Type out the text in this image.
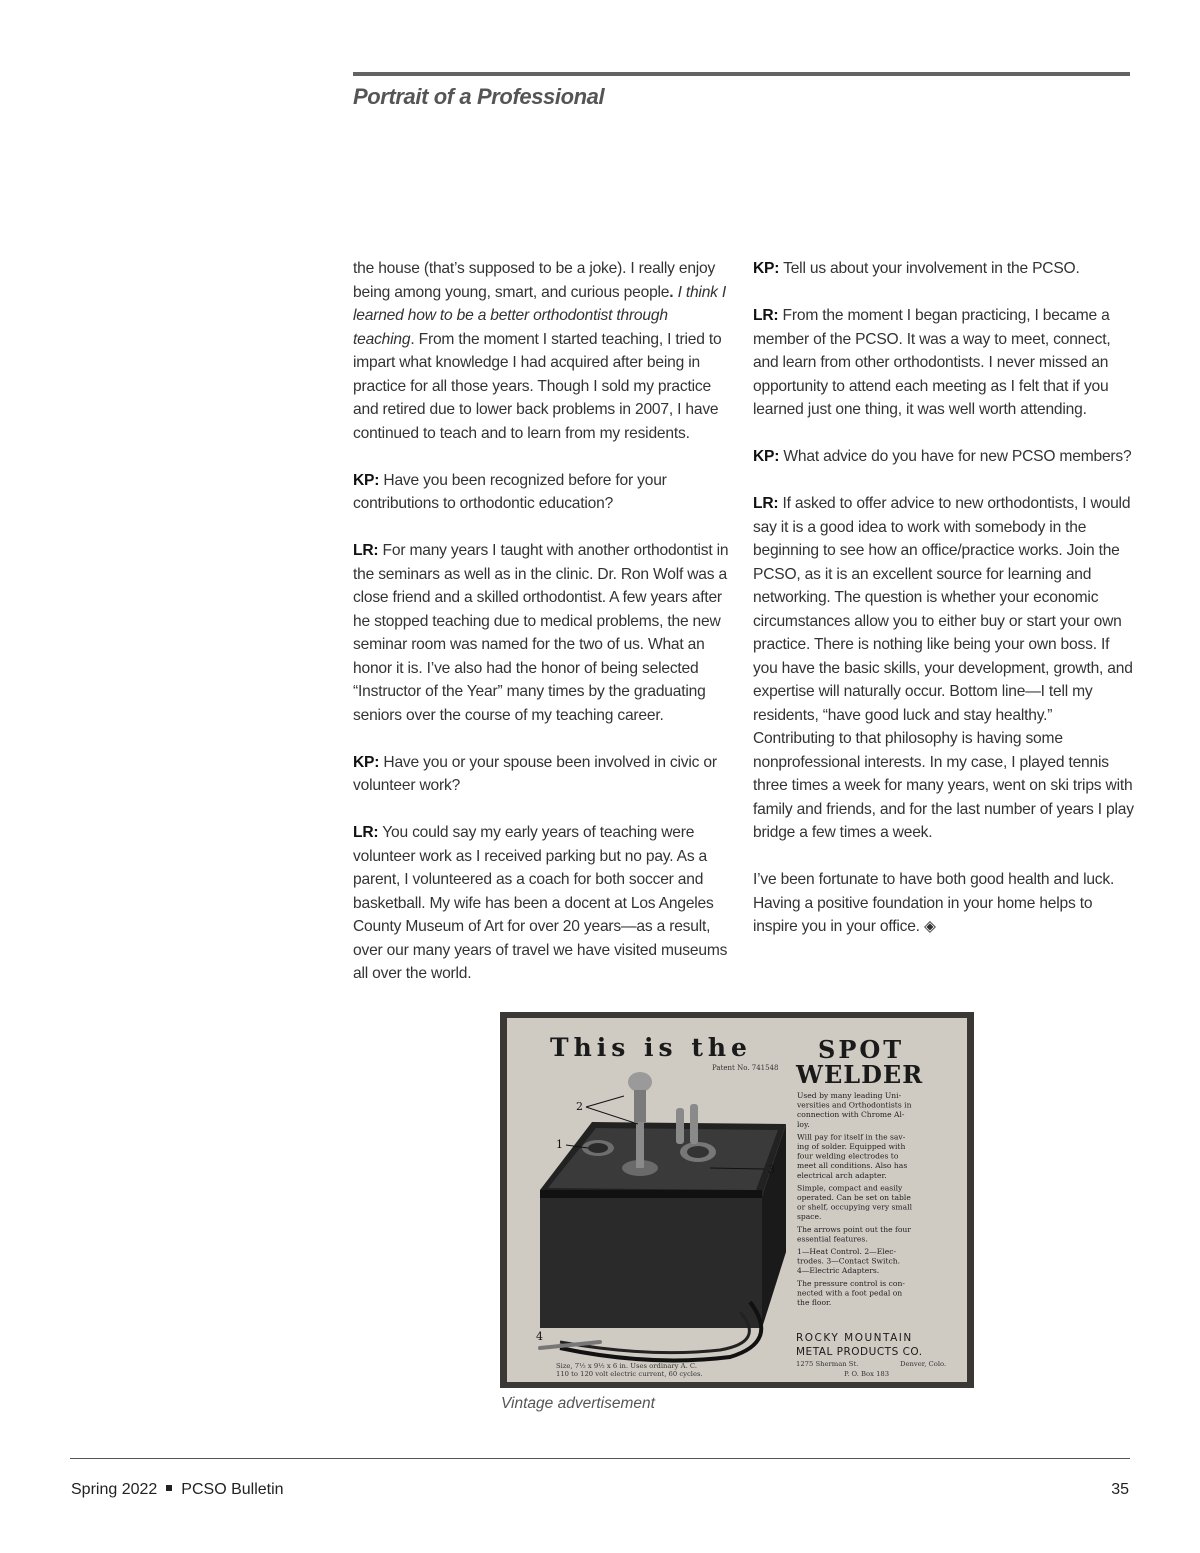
Portrait of a Professional

the house (that’s supposed to be a joke). I really enjoy being among young, smart, and curious people. I think I learned how to be a better orthodontist through teaching. From the moment I started teaching, I tried to impart what knowledge I had acquired after being in practice for all those years. Though I sold my practice and retired due to lower back problems in 2007, I have continued to teach and to learn from my residents.

KP: Have you been recognized before for your contributions to orthodontic education?

LR: For many years I taught with another orthodontist in the seminars as well as in the clinic. Dr. Ron Wolf was a close friend and a skilled orthodontist. A few years after he stopped teaching due to medical problems, the new seminar room was named for the two of us. What an honor it is. I’ve also had the honor of being selected “Instructor of the Year” many times by the graduating seniors over the course of my teaching career.

KP: Have you or your spouse been involved in civic or volunteer work?

LR: You could say my early years of teaching were volunteer work as I received parking but no pay. As a parent, I volunteered as a coach for both soccer and basketball. My wife has been a docent at Los Angeles County Museum of Art for over 20 years—as a result, over our many years of travel we have visited museums all over the world.

KP: Tell us about your involvement in the PCSO.

LR: From the moment I began practicing, I became a member of the PCSO. It was a way to meet, connect, and learn from other orthodontists. I never missed an opportunity to attend each meeting as I felt that if you learned just one thing, it was well worth attending.

KP: What advice do you have for new PCSO members?

LR: If asked to offer advice to new orthodontists, I would say it is a good idea to work with somebody in the beginning to see how an office/practice works. Join the PCSO, as it is an excellent source for learning and networking. The question is whether your economic circumstances allow you to either buy or start your own practice. There is nothing like being your own boss. If you have the basic skills, your development, growth, and expertise will naturally occur. Bottom line—I tell my residents, “have good luck and stay healthy.” Contributing to that philosophy is having some nonprofessional interests. In my case, I played tennis three times a week for many years, went on ski trips with family and friends, and for the last number of years I play bridge a few times a week.

I’ve been fortunate to have both good health and luck. Having a positive foundation in your home helps to inspire you in your office. ◈

This is the	SPOT
WELDER
Patent No. 741548
2
1
3
4
Used by many leading Uni-
versities and Orthodontists in
connection with Chrome Al-
loy.
Will pay for itself in the sav-
ing of solder. Equipped with
four welding electrodes to
meet all conditions. Also has
electrical arch adapter.
Simple, compact and easily
operated. Can be set on table
or shelf, occupying very small
space.
The arrows point out the four
essential features.
1—Heat Control. 2—Elec-
trodes. 3—Contact Switch.
4—Electric Adapters.
The pressure control is con-
nected with a foot pedal on
the floor.
ROCKY MOUNTAIN
METAL PRODUCTS CO.
1275 Sherman St.	Denver, Colo.
P. O. Box 183
Size, 7½ x 9½ x 6 in. Uses ordinary A. C.
110 to 120 volt electric current, 60 cycles.
Vintage advertisement
Spring 2022 PCSO Bulletin	35
